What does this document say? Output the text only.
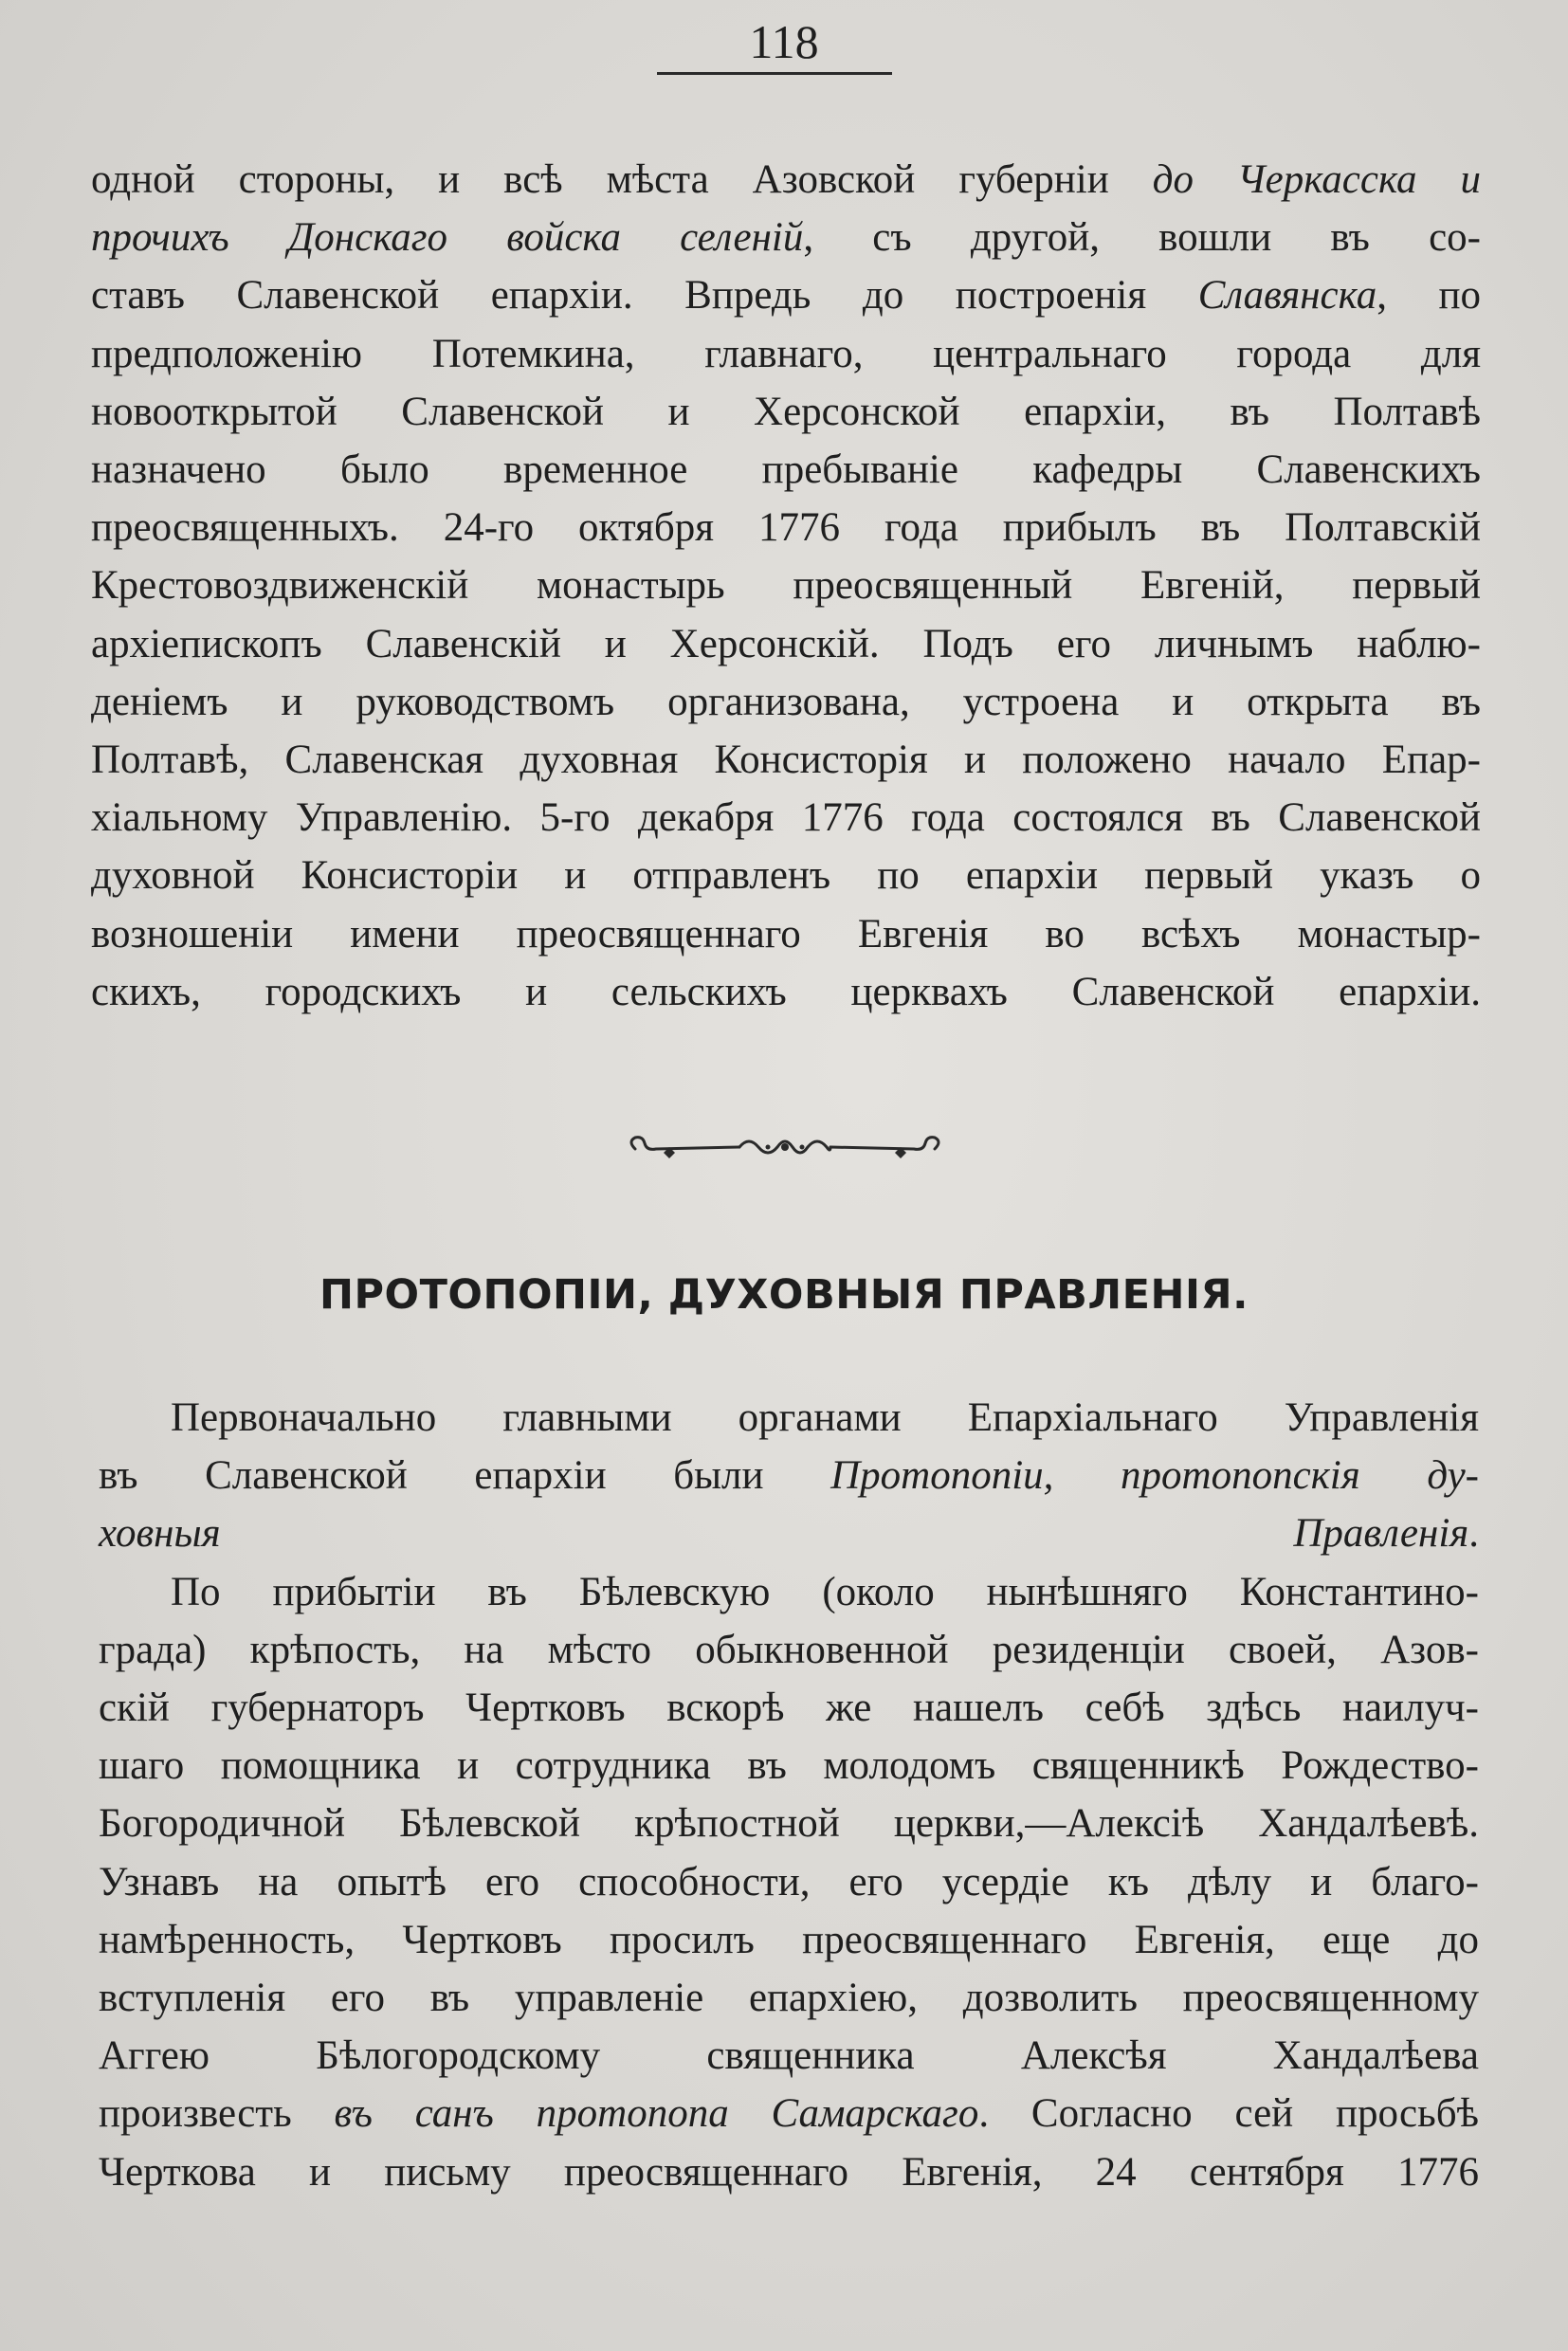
118
одной стороны, и всѣ мѣста Азовской губерніи до Черкасска и
прочихъ Донскаго войска селеній, съ другой, вошли въ со-
ставъ Славенской епархіи. Впредь до построенія Славянска, по
предположенію Потемкина, главнаго, центральнаго города для
новооткрытой Славенской и Херсонской епархіи, въ Полтавѣ
назначено было временное пребываніе кафедры Славенскихъ
преосвященныхъ. 24-го октября 1776 года прибылъ въ Полтавскій
Крестовоздвиженскій монастырь преосвященный Евгеній, первый
архіепископъ Славенскій и Херсонскій. Подъ его личнымъ наблю-
деніемъ и руководствомъ организована, устроена и открыта въ
Полтавѣ, Славенская духовная Консисторія и положено начало Епар-
хіальному Управленію. 5-го декабря 1776 года состоялся въ Славенской
духовной Консисторіи и отправленъ по епархіи первый указъ о
возношеніи имени преосвященнаго Евгенія во всѣхъ монастыр-
скихъ, городскихъ и сельскихъ церквахъ Славенской епархіи.
ПРОТОПОПІИ, ДУХОВНЫЯ ПРАВЛЕНІЯ.
Первоначально главными органами Епархіальнаго Управленія
въ Славенской епархіи были Протопопіи, протопопскія ду-
ховныя Правленія.
По прибытіи въ Бѣлевскую (около нынѣшняго Константино-
града) крѣпость, на мѣсто обыкновенной резиденціи своей, Азов-
скій губернаторъ Чертковъ вскорѣ же нашелъ себѣ здѣсь наилуч-
шаго помощника и сотрудника въ молодомъ священникѣ Рождество-
Богородичной Бѣлевской крѣпостной церкви,—Алексіѣ Хандалѣевѣ.
Узнавъ на опытѣ его способности, его усердіе къ дѣлу и благо-
намѣренность, Чертковъ просилъ преосвященнаго Евгенія, еще до
вступленія его въ управленіе епархіею, дозволить преосвященному
Аггею Бѣлогородскому священника Алексѣя Хандалѣева
произвесть въ санъ протопопа Самарскаго. Согласно сей просьбѣ
Черткова и письму преосвященнаго Евгенія, 24 сентября 1776
